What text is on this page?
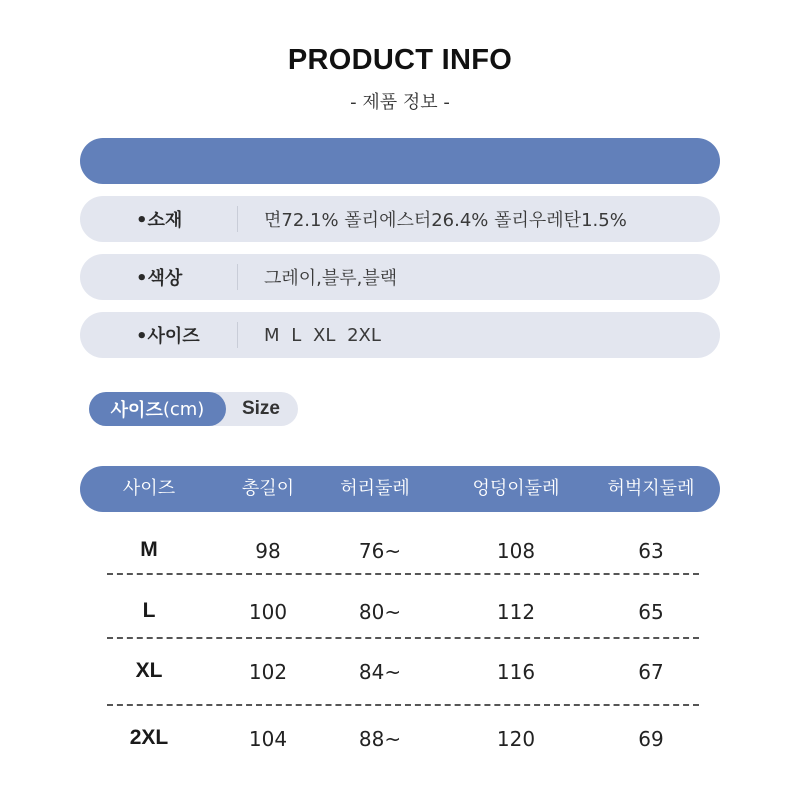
PRODUCT INFO
- 제품 정보 -
•소재	면72.1% 폴리에스터26.4% 폴리우레탄1.5%
•색상	그레이,블루,블랙
•사이즈	M L XL 2XL
사이즈 (cm)	Size
사이즈	총길이	허리둘레	엉덩이둘레	허벅지둘레
M	98	76~	108	63
L	100	80~	112	65
XL	102	84~	116	67
2XL	104	88~	120	69
